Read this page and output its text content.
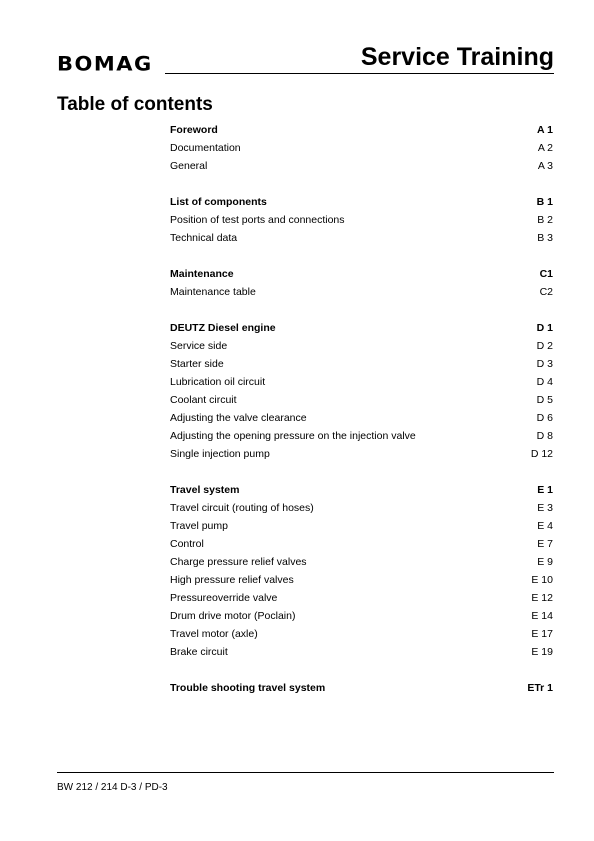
BOMAG	Service Training
Table of contents
Foreword	A 1
Documentation	A 2
General	A 3
List of components	B 1
Position of test ports and connections	B 2
Technical data	B 3
Maintenance	C1
Maintenance table	C2
DEUTZ Diesel engine	D 1
Service side	D 2
Starter side	D 3
Lubrication oil circuit	D 4
Coolant circuit	D 5
Adjusting the valve clearance	D 6
Adjusting the opening pressure on the injection valve	D 8
Single injection pump	D 12
Travel system	E 1
Travel circuit (routing of hoses)	E 3
Travel pump	E 4
Control	E 7
Charge pressure relief valves	E 9
High pressure relief valves	E 10
Pressureoverride valve	E 12
Drum drive motor (Poclain)	E 14
Travel motor (axle)	E 17
Brake circuit	E 19
Trouble shooting travel system	ETr 1
BW 212 / 214 D-3 / PD-3
